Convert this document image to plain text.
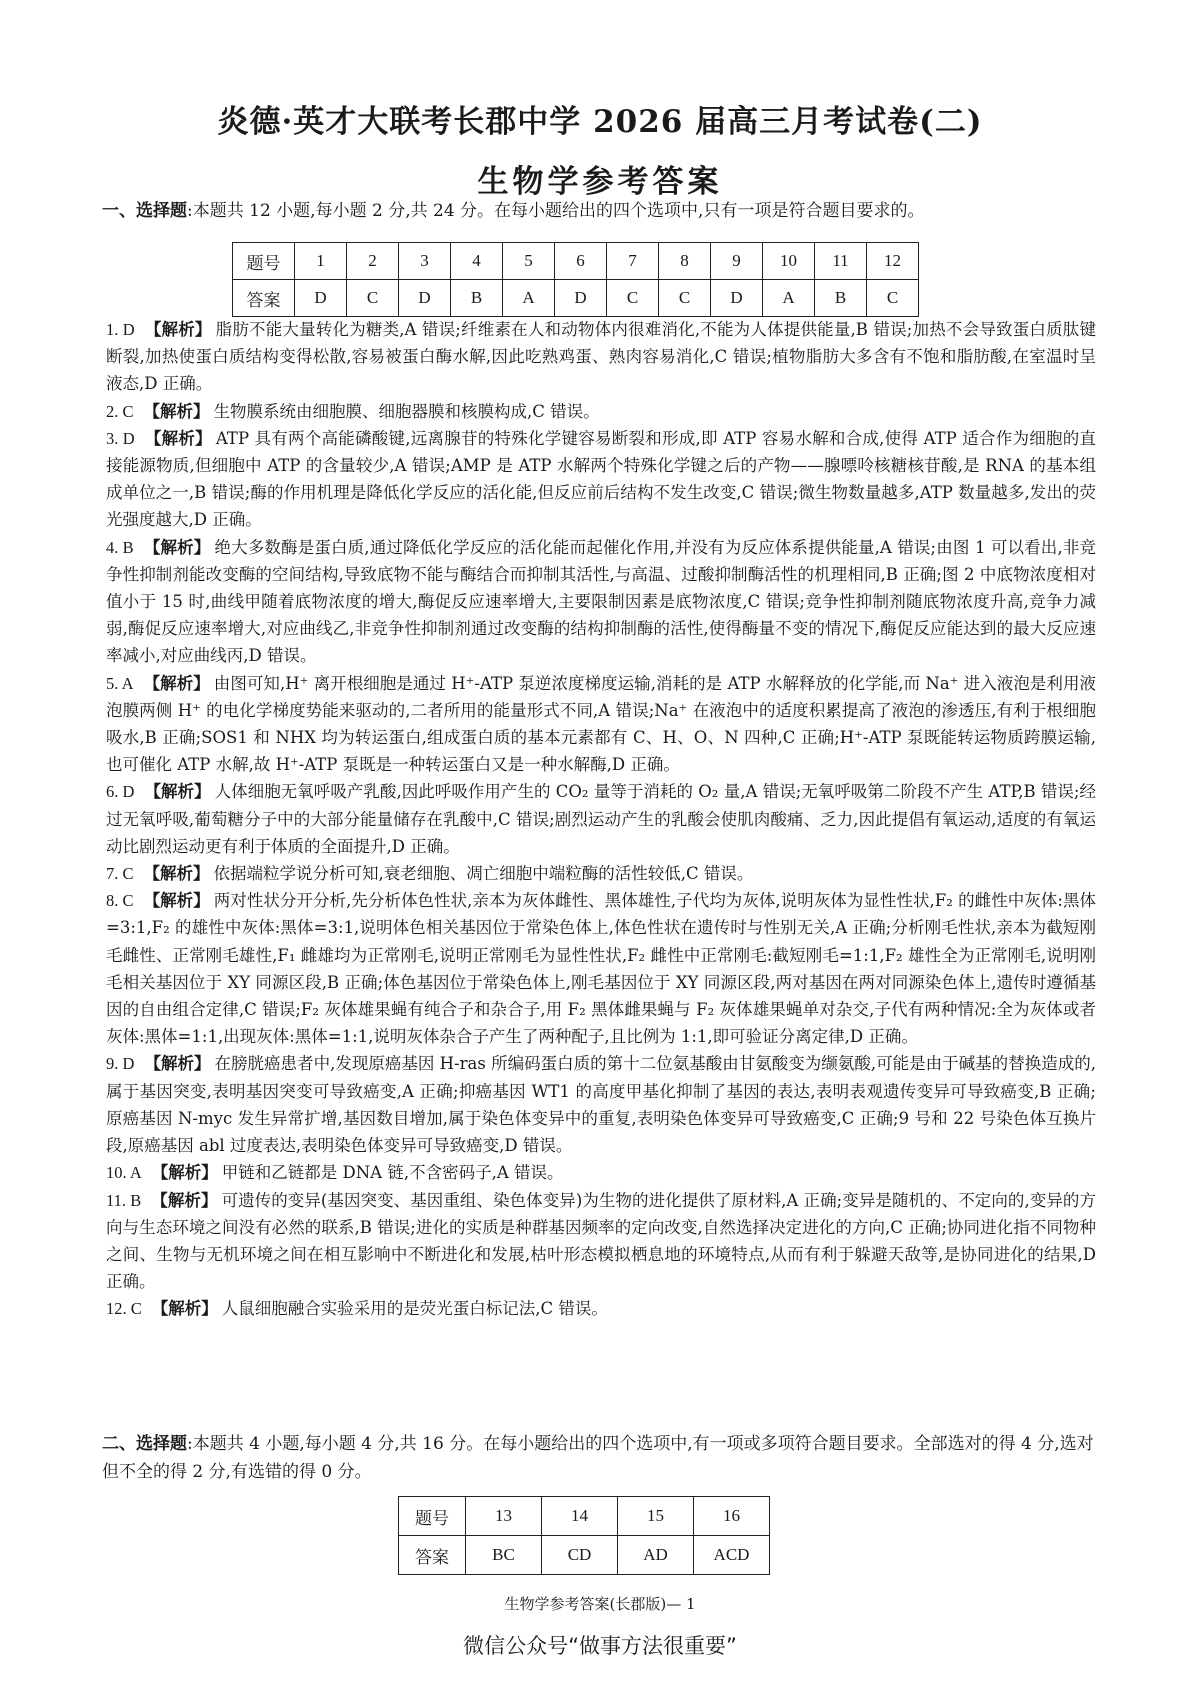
炎德·英才大联考长郡中学 2026 届高三月考试卷(二)
生物学参考答案
一、选择题:本题共 12 小题,每小题 2 分,共 24 分。在每小题给出的四个选项中,只有一项是符合题目要求的。
题号	1	2	3	4	5	6	7	8	9	10	11	12
答案	D	C	D	B	A	D	C	C	D	A	B	C
1. D 【解析】 脂肪不能大量转化为糖类,A 错误;纤维素在人和动物体内很难消化,不能为人体提供能量,B 错误;加热不会导致蛋白质肽键断裂,加热使蛋白质结构变得松散,容易被蛋白酶水解,因此吃熟鸡蛋、熟肉容易消化,C 错误;植物脂肪大多含有不饱和脂肪酸,在室温时呈液态,D 正确。
2. C 【解析】 生物膜系统由细胞膜、细胞器膜和核膜构成,C 错误。
3. D 【解析】 ATP 具有两个高能磷酸键,远离腺苷的特殊化学键容易断裂和形成,即 ATP 容易水解和合成,使得 ATP 适合作为细胞的直接能源物质,但细胞中 ATP 的含量较少,A 错误;AMP 是 ATP 水解两个特殊化学键之后的产物——腺嘌呤核糖核苷酸,是 RNA 的基本组成单位之一,B 错误;酶的作用机理是降低化学反应的活化能,但反应前后结构不发生改变,C 错误;微生物数量越多,ATP 数量越多,发出的荧光强度越大,D 正确。
4. B 【解析】 绝大多数酶是蛋白质,通过降低化学反应的活化能而起催化作用,并没有为反应体系提供能量,A 错误;由图 1 可以看出,非竞争性抑制剂能改变酶的空间结构,导致底物不能与酶结合而抑制其活性,与高温、过酸抑制酶活性的机理相同,B 正确;图 2 中底物浓度相对值小于 15 时,曲线甲随着底物浓度的增大,酶促反应速率增大,主要限制因素是底物浓度,C 错误;竞争性抑制剂随底物浓度升高,竞争力减弱,酶促反应速率增大,对应曲线乙,非竞争性抑制剂通过改变酶的结构抑制酶的活性,使得酶量不变的情况下,酶促反应能达到的最大反应速率减小,对应曲线丙,D 错误。
5. A 【解析】 由图可知,H⁺ 离开根细胞是通过 H⁺-ATP 泵逆浓度梯度运输,消耗的是 ATP 水解释放的化学能,而 Na⁺ 进入液泡是利用液泡膜两侧 H⁺ 的电化学梯度势能来驱动的,二者所用的能量形式不同,A 错误;Na⁺ 在液泡中的适度积累提高了液泡的渗透压,有利于根细胞吸水,B 正确;SOS1 和 NHX 均为转运蛋白,组成蛋白质的基本元素都有 C、H、O、N 四种,C 正确;H⁺-ATP 泵既能转运物质跨膜运输,也可催化 ATP 水解,故 H⁺-ATP 泵既是一种转运蛋白又是一种水解酶,D 正确。
6. D 【解析】 人体细胞无氧呼吸产乳酸,因此呼吸作用产生的 CO₂ 量等于消耗的 O₂ 量,A 错误;无氧呼吸第二阶段不产生 ATP,B 错误;经过无氧呼吸,葡萄糖分子中的大部分能量储存在乳酸中,C 错误;剧烈运动产生的乳酸会使肌肉酸痛、乏力,因此提倡有氧运动,适度的有氧运动比剧烈运动更有利于体质的全面提升,D 正确。
7. C 【解析】 依据端粒学说分析可知,衰老细胞、凋亡细胞中端粒酶的活性较低,C 错误。
8. C 【解析】 两对性状分开分析,先分析体色性状,亲本为灰体雌性、黑体雄性,子代均为灰体,说明灰体为显性性状,F₂ 的雌性中灰体:黑体=3:1,F₂ 的雄性中灰体:黑体=3:1,说明体色相关基因位于常染色体上,体色性状在遗传时与性别无关,A 正确;分析刚毛性状,亲本为截短刚毛雌性、正常刚毛雄性,F₁ 雌雄均为正常刚毛,说明正常刚毛为显性性状,F₂ 雌性中正常刚毛:截短刚毛=1:1,F₂ 雄性全为正常刚毛,说明刚毛相关基因位于 XY 同源区段,B 正确;体色基因位于常染色体上,刚毛基因位于 XY 同源区段,两对基因在两对同源染色体上,遗传时遵循基因的自由组合定律,C 错误;F₂ 灰体雄果蝇有纯合子和杂合子,用 F₂ 黑体雌果蝇与 F₂ 灰体雄果蝇单对杂交,子代有两种情况:全为灰体或者灰体:黑体=1:1,出现灰体:黑体=1:1,说明灰体杂合子产生了两种配子,且比例为 1:1,即可验证分离定律,D 正确。
9. D 【解析】 在膀胱癌患者中,发现原癌基因 H-ras 所编码蛋白质的第十二位氨基酸由甘氨酸变为缬氨酸,可能是由于碱基的替换造成的,属于基因突变,表明基因突变可导致癌变,A 正确;抑癌基因 WT1 的高度甲基化抑制了基因的表达,表明表观遗传变异可导致癌变,B 正确;原癌基因 N-myc 发生异常扩增,基因数目增加,属于染色体变异中的重复,表明染色体变异可导致癌变,C 正确;9 号和 22 号染色体互换片段,原癌基因 abl 过度表达,表明染色体变异可导致癌变,D 错误。
10. A 【解析】 甲链和乙链都是 DNA 链,不含密码子,A 错误。
11. B 【解析】 可遗传的变异(基因突变、基因重组、染色体变异)为生物的进化提供了原材料,A 正确;变异是随机的、不定向的,变异的方向与生态环境之间没有必然的联系,B 错误;进化的实质是种群基因频率的定向改变,自然选择决定进化的方向,C 正确;协同进化指不同物种之间、生物与无机环境之间在相互影响中不断进化和发展,枯叶形态模拟栖息地的环境特点,从而有利于躲避天敌等,是协同进化的结果,D 正确。
12. C 【解析】 人鼠细胞融合实验采用的是荧光蛋白标记法,C 错误。
二、选择题:本题共 4 小题,每小题 4 分,共 16 分。在每小题给出的四个选项中,有一项或多项符合题目要求。全部选对的得 4 分,选对但不全的得 2 分,有选错的得 0 分。
题号	13	14	15	16
答案	BC	CD	AD	ACD
生物学参考答案(长郡版)— 1
微信公众号“做事方法很重要”
